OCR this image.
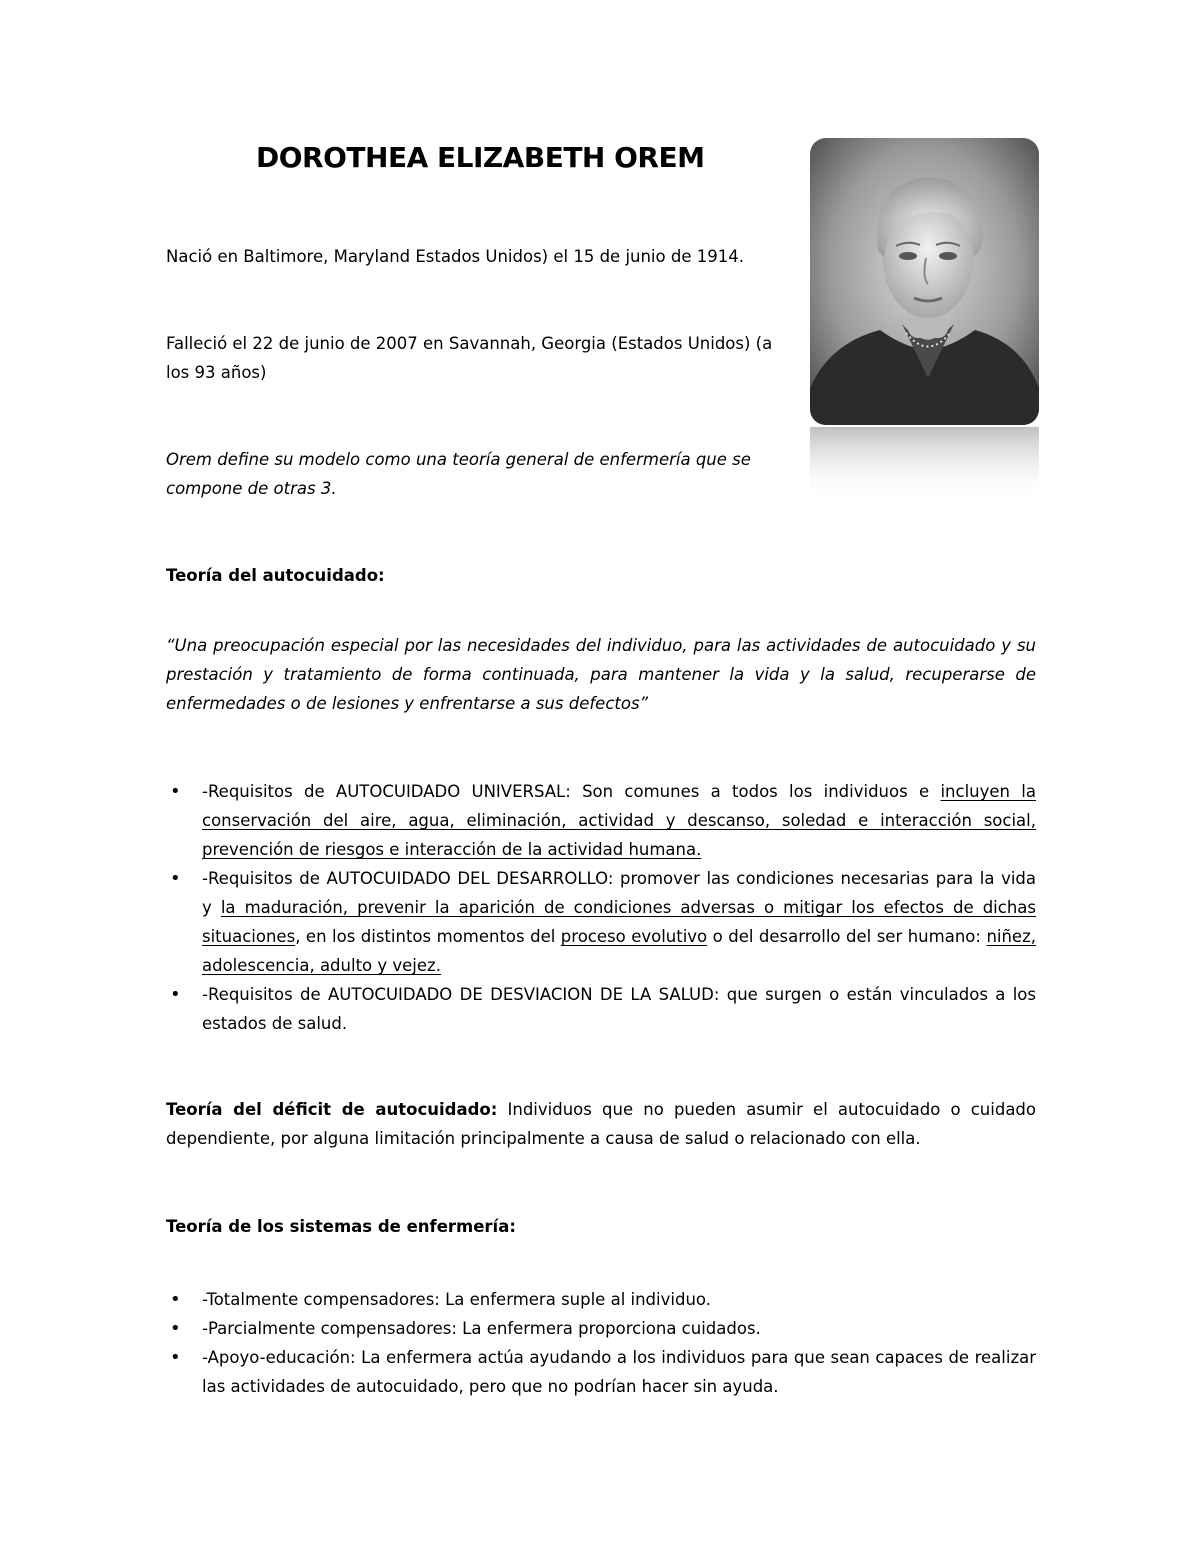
DOROTHEA ELIZABETH OREM

Nació en Baltimore, Maryland Estados Unidos) el 15 de junio de 1914.

Falleció el 22 de junio de 2007 en Savannah, Georgia (Estados Unidos) (a los 93 años)

Orem define su modelo como una teoría general de enfermería que se compone de otras 3.

Teoría del autocuidado:

“Una preocupación especial por las necesidades del individuo, para las actividades de autocuidado y su prestación y tratamiento de forma continuada, para mantener la vida y la salud, recuperarse de enfermedades o de lesiones y enfrentarse a sus defectos”

• -Requisitos de AUTOCUIDADO UNIVERSAL: Son comunes a todos los individuos e incluyen la conservación del aire, agua, eliminación, actividad y descanso, soledad e interacción social, prevención de riesgos e interacción de la actividad humana.
• -Requisitos de AUTOCUIDADO DEL DESARROLLO: promover las condiciones necesarias para la vida y la maduración, prevenir la aparición de condiciones adversas o mitigar los efectos de dichas situaciones, en los distintos momentos del proceso evolutivo o del desarrollo del ser humano: niñez, adolescencia, adulto y vejez.
• -Requisitos de AUTOCUIDADO DE DESVIACION DE LA SALUD: que surgen o están vinculados a los estados de salud.

Teoría del déficit de autocuidado: Individuos que no pueden asumir el autocuidado o cuidado dependiente, por alguna limitación principalmente a causa de salud o relacionado con ella.

Teoría de los sistemas de enfermería:

• -Totalmente compensadores: La enfermera suple al individuo.
• -Parcialmente compensadores: La enfermera proporciona cuidados.
• -Apoyo-educación: La enfermera actúa ayudando a los individuos para que sean capaces de realizar las actividades de autocuidado, pero que no podrían hacer sin ayuda.
